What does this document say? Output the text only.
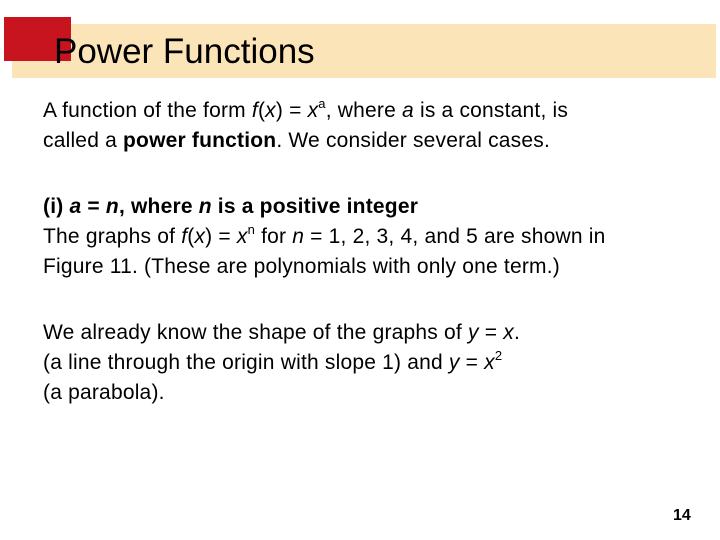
Power Functions
A function of the form $f(x) = x^a$, where a is a constant, is
called a power function. We consider several cases.
(i) a = n, where n is a positive integer
The graphs of $f(x) = x^n$ for n = 1, 2, 3, 4, and 5 are shown in
Figure 11. (These are polynomials with only one term.)
We already know the shape of the graphs of y = x.
(a line through the origin with slope 1) and $y = x^2$
(a parabola).
14
